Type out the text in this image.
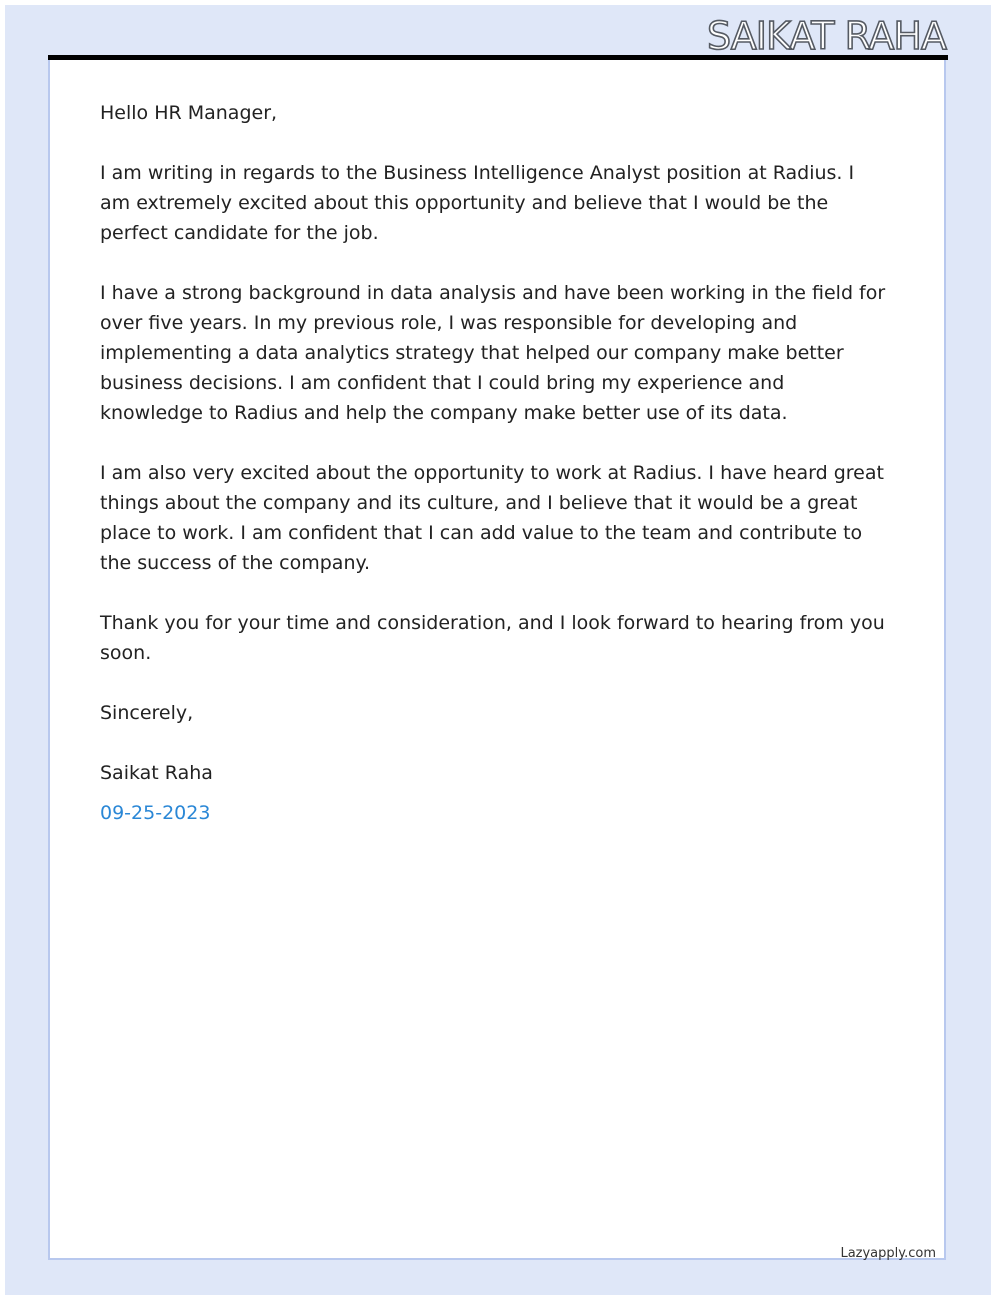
SAIKAT RAHA

Hello HR Manager,

I am writing in regards to the Business Intelligence Analyst position at Radius. I am extremely excited about this opportunity and believe that I would be the perfect candidate for the job.

I have a strong background in data analysis and have been working in the field for over five years. In my previous role, I was responsible for developing and implementing a data analytics strategy that helped our company make better business decisions. I am confident that I could bring my experience and knowledge to Radius and help the company make better use of its data.

I am also very excited about the opportunity to work at Radius. I have heard great things about the company and its culture, and I believe that it would be a great place to work. I am confident that I can add value to the team and contribute to the success of the company.

Thank you for your time and consideration, and I look forward to hearing from you soon.

Sincerely,

Saikat Raha

09-25-2023

Lazyapply.com
